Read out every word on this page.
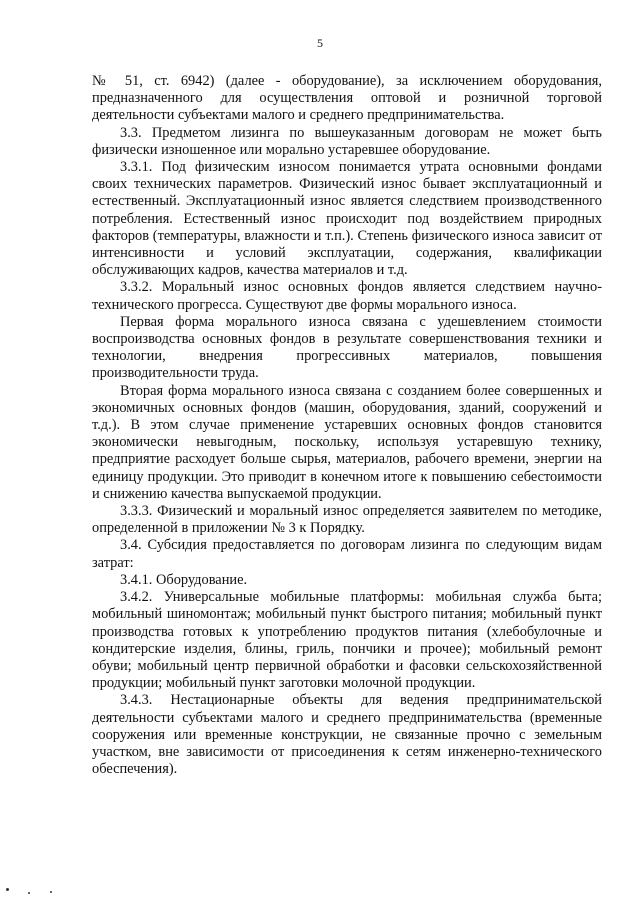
5

№ 51, ст. 6942) (далее - оборудование), за исключением оборудования, предназначенного для осуществления оптовой и розничной торговой деятельности субъектами малого и среднего предпринимательства.

3.3. Предметом лизинга по вышеуказанным договорам не может быть физически изношенное или морально устаревшее оборудование.

3.3.1. Под физическим износом понимается утрата основными фондами своих технических параметров. Физический износ бывает эксплуатационный и естественный. Эксплуатационный износ является следствием производственного потребления. Естественный износ происходит под воздействием природных факторов (температуры, влажности и т.п.). Степень физического износа зависит от интенсивности и условий эксплуатации, содержания, квалификации обслуживающих кадров, качества материалов и т.д.

3.3.2. Моральный износ основных фондов является следствием научно-технического прогресса. Существуют две формы морального износа.

Первая форма морального износа связана с удешевлением стоимости воспроизводства основных фондов в результате совершенствования техники и технологии, внедрения прогрессивных материалов, повышения производительности труда.

Вторая форма морального износа связана с созданием более совершенных и экономичных основных фондов (машин, оборудования, зданий, сооружений и т.д.). В этом случае применение устаревших основных фондов становится экономически невыгодным, поскольку, используя устаревшую технику, предприятие расходует больше сырья, материалов, рабочего времени, энергии на единицу продукции. Это приводит в конечном итоге к повышению себестоимости и снижению качества выпускаемой продукции.

3.3.3. Физический и моральный износ определяется заявителем по методике, определенной в приложении № 3 к Порядку.

3.4. Субсидия предоставляется по договорам лизинга по следующим видам затрат:

3.4.1. Оборудование.

3.4.2. Универсальные мобильные платформы: мобильная служба быта; мобильный шиномонтаж; мобильный пункт быстрого питания; мобильный пункт производства готовых к употреблению продуктов питания (хлебобулочные и кондитерские изделия, блины, гриль, пончики и прочее); мобильный ремонт обуви; мобильный центр первичной обработки и фасовки сельскохозяйственной продукции; мобильный пункт заготовки молочной продукции.

3.4.3. Нестационарные объекты для ведения предпринимательской деятельности субъектами малого и среднего предпринимательства (временные сооружения или временные конструкции, не связанные прочно с земельным участком, вне зависимости от присоединения к сетям инженерно-технического обеспечения).
